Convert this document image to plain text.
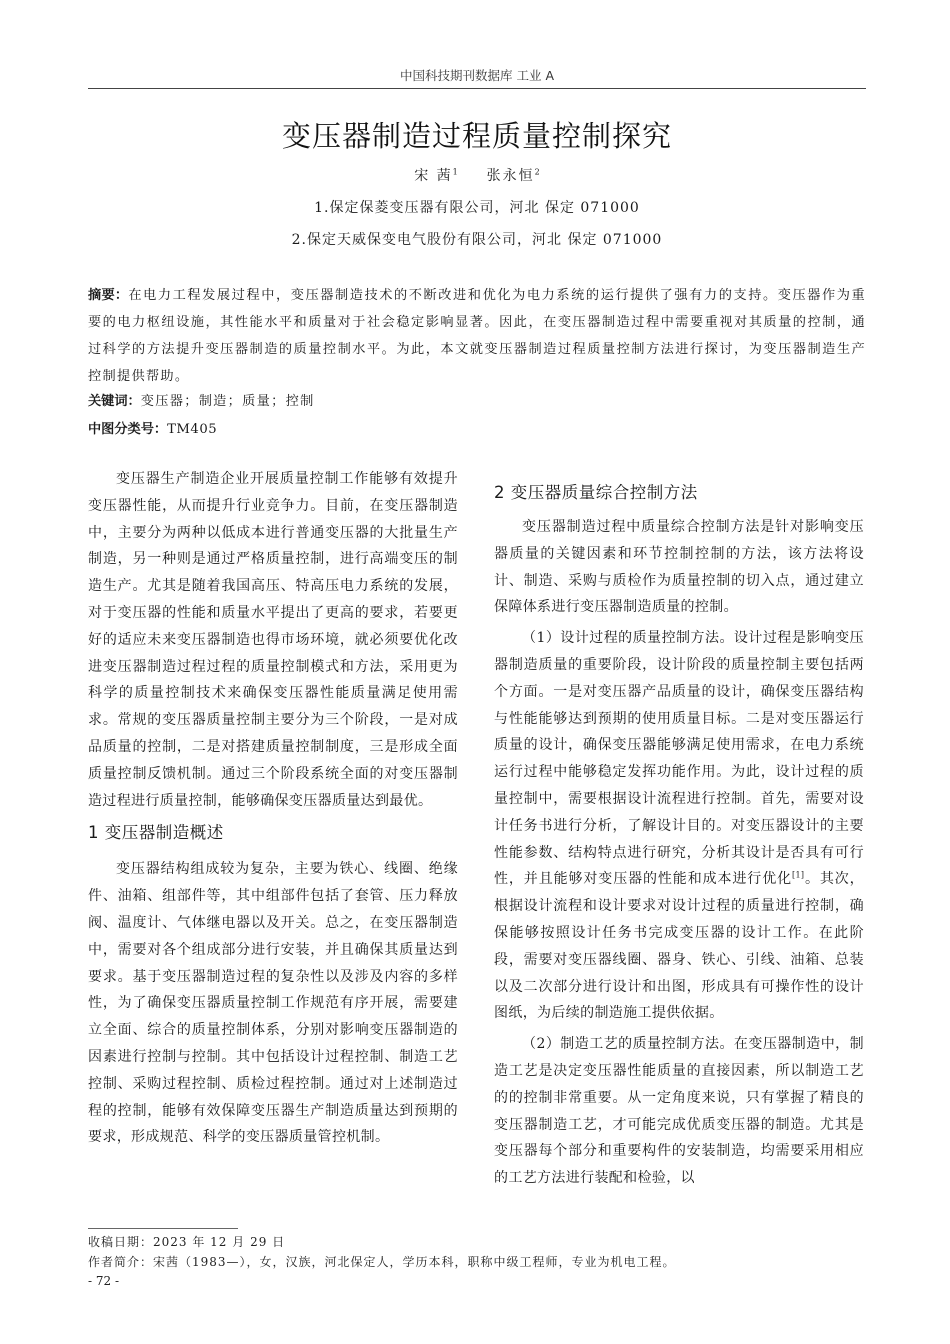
中国科技期刊数据库 工业 A
变压器制造过程质量控制探究
宋 茜$^1$ 张永恒$^2$
1.保定保菱变压器有限公司，河北 保定 071000
2.保定天威保变电气股份有限公司，河北 保定 071000
摘要：在电力工程发展过程中，变压器制造技术的不断改进和优化为电力系统的运行提供了强有力的支持。变压器作为重要的电力枢纽设施，其性能水平和质量对于社会稳定影响显著。因此，在变压器制造过程中需要重视对其质量的控制，通过科学的方法提升变压器制造的质量控制水平。为此，本文就变压器制造过程质量控制方法进行探讨，为变压器制造生产控制提供帮助。
关键词：变压器；制造；质量；控制
中图分类号：TM405

变压器生产制造企业开展质量控制工作能够有效提升变压器性能，从而提升行业竞争力。目前，在变压器制造中，主要分为两种以低成本进行普通变压器的大批量生产制造，另一种则是通过严格质量控制，进行高端变压的制造生产。尤其是随着我国高压、特高压电力系统的发展，对于变压器的性能和质量水平提出了更高的要求，若要更好的适应未来变压器制造也得市场环境，就必须要优化改进变压器制造过程过程的质量控制模式和方法，采用更为科学的质量控制技术来确保变压器性能质量满足使用需求。常规的变压器质量控制主要分为三个阶段，一是对成品质量的控制，二是对搭建质量控制制度，三是形成全面质量控制反馈机制。通过三个阶段系统全面的对变压器制造过程进行质量控制，能够确保变压器质量达到最优。

1 变压器制造概述

变压器结构组成较为复杂，主要为铁心、线圈、绝缘件、油箱、组部件等，其中组部件包括了套管、压力释放阀、温度计、气体继电器以及开关。总之，在变压器制造中，需要对各个组成部分进行安装，并且确保其质量达到要求。基于变压器制造过程的复杂性以及涉及内容的多样性，为了确保变压器质量控制工作规范有序开展，需要建立全面、综合的质量控制体系，分别对影响变压器制造的因素进行控制与控制。其中包括设计过程控制、制造工艺控制、采购过程控制、质检过程控制。通过对上述制造过程的控制，能够有效保障变压器生产制造质量达到预期的要求，形成规范、科学的变压器质量管控机制。

2 变压器质量综合控制方法

变压器制造过程中质量综合控制方法是针对影响变压器质量的关键因素和环节控制控制的方法，该方法将设计、制造、采购与质检作为质量控制的切入点，通过建立保障体系进行变压器制造质量的控制。

（1）设计过程的质量控制方法。设计过程是影响变压器制造质量的重要阶段，设计阶段的质量控制主要包括两个方面。一是对变压器产品质量的设计，确保变压器结构与性能能够达到预期的使用质量目标。二是对变压器运行质量的设计，确保变压器能够满足使用需求，在电力系统运行过程中能够稳定发挥功能作用。为此，设计过程的质量控制中，需要根据设计流程进行控制。首先，需要对设计任务书进行分析，了解设计目的。对变压器设计的主要性能参数、结构特点进行研究，分析其设计是否具有可行性，并且能够对变压器的性能和成本进行优化[1]。其次，根据设计流程和设计要求对设计过程的质量进行控制，确保能够按照设计任务书完成变压器的设计工作。在此阶段，需要对变压器线圈、器身、铁心、引线、油箱、总装以及二次部分进行设计和出图，形成具有可操作性的设计图纸，为后续的制造施工提供依据。

（2）制造工艺的质量控制方法。在变压器制造中，制造工艺是决定变压器性能质量的直接因素，所以制造工艺的的控制非常重要。从一定角度来说，只有掌握了精良的变压器制造工艺，才可能完成优质变压器的制造。尤其是变压器每个部分和重要构件的安装制造，均需要采用相应的工艺方法进行装配和检验，以

收稿日期：2023 年 12 月 29 日
作者简介：宋茜（1983—），女，汉族，河北保定人，学历本科，职称中级工程师，专业为机电工程。
- 72 -
